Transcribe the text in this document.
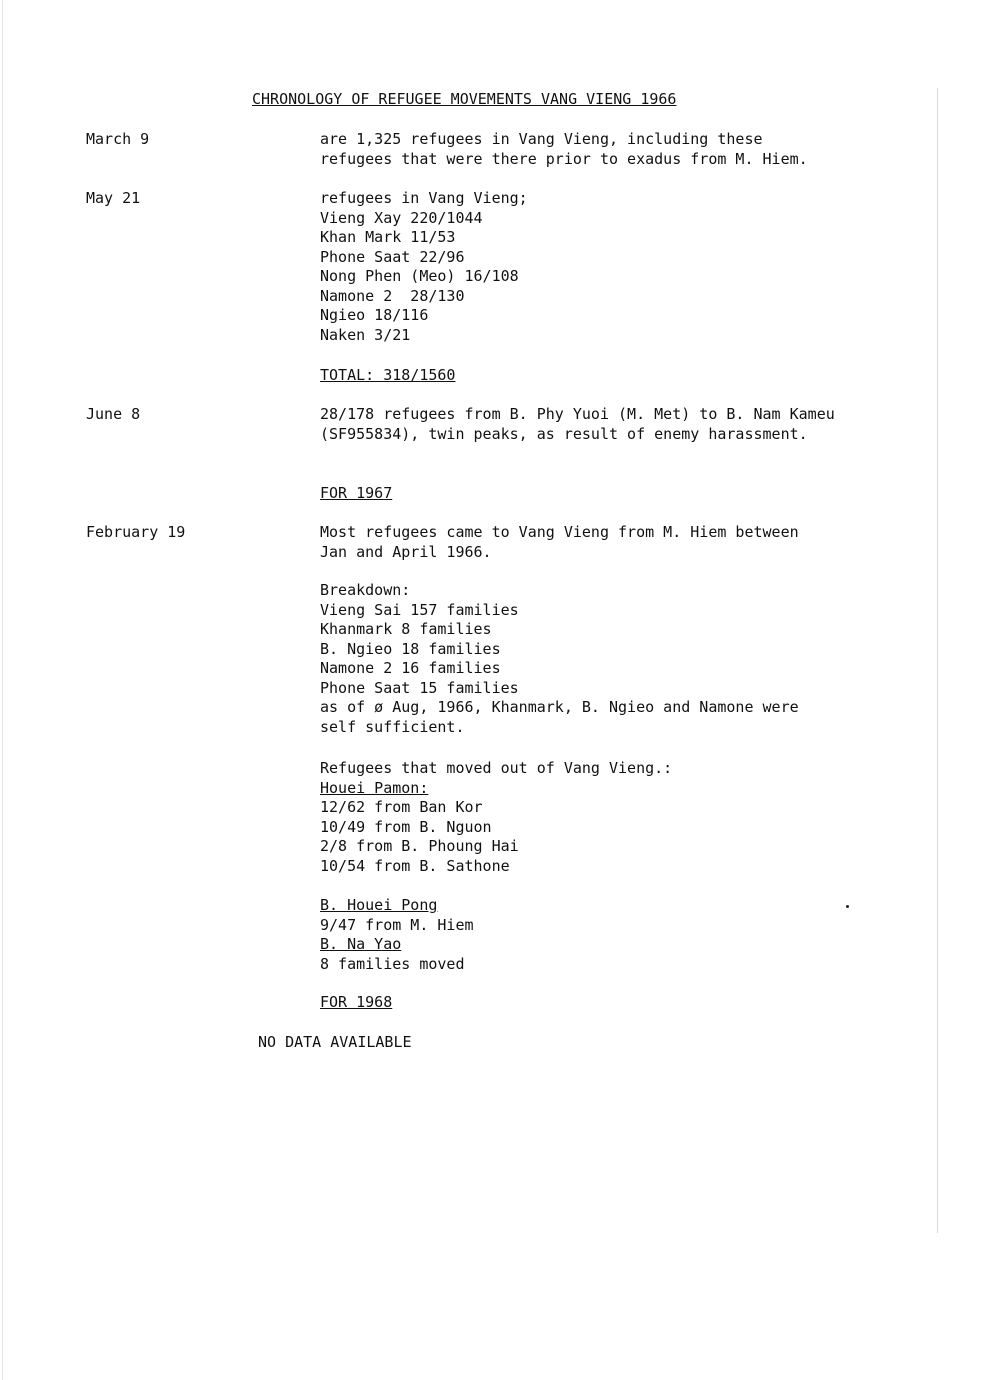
CHRONOLOGY OF REFUGEE MOVEMENTS VANG VIENG 1966
March 9	are 1,325 refugees in Vang Vieng, including these
refugees that were there prior to exadus from M. Hiem.
May 21	refugees in Vang Vieng;
Vieng Xay 220/1044
Khan Mark 11/53
Phone Saat 22/96
Nong Phen (Meo) 16/108
Namone 2  28/130
Ngieo 18/116
Naken 3/21
TOTAL: 318/1560
June 8	28/178 refugees from B. Phy Yuoi (M. Met) to B. Nam Kameu
(SF955834), twin peaks, as result of enemy harassment.
FOR 1967
February 19	Most refugees came to Vang Vieng from M. Hiem between
Jan and April 1966.
Breakdown:
Vieng Sai 157 families
Khanmark 8 families
B. Ngieo 18 families
Namone 2 16 families
Phone Saat 15 families
as of ø Aug, 1966, Khanmark, B. Ngieo and Namone were
self sufficient.
Refugees that moved out of Vang Vieng.:
Houei Pamon:
12/62 from Ban Kor
10/49 from B. Nguon
2/8 from B. Phoung Hai
10/54 from B. Sathone
B. Houei Pong
9/47 from M. Hiem
B. Na Yao
8 families moved
FOR 1968
NO DATA AVAILABLE
